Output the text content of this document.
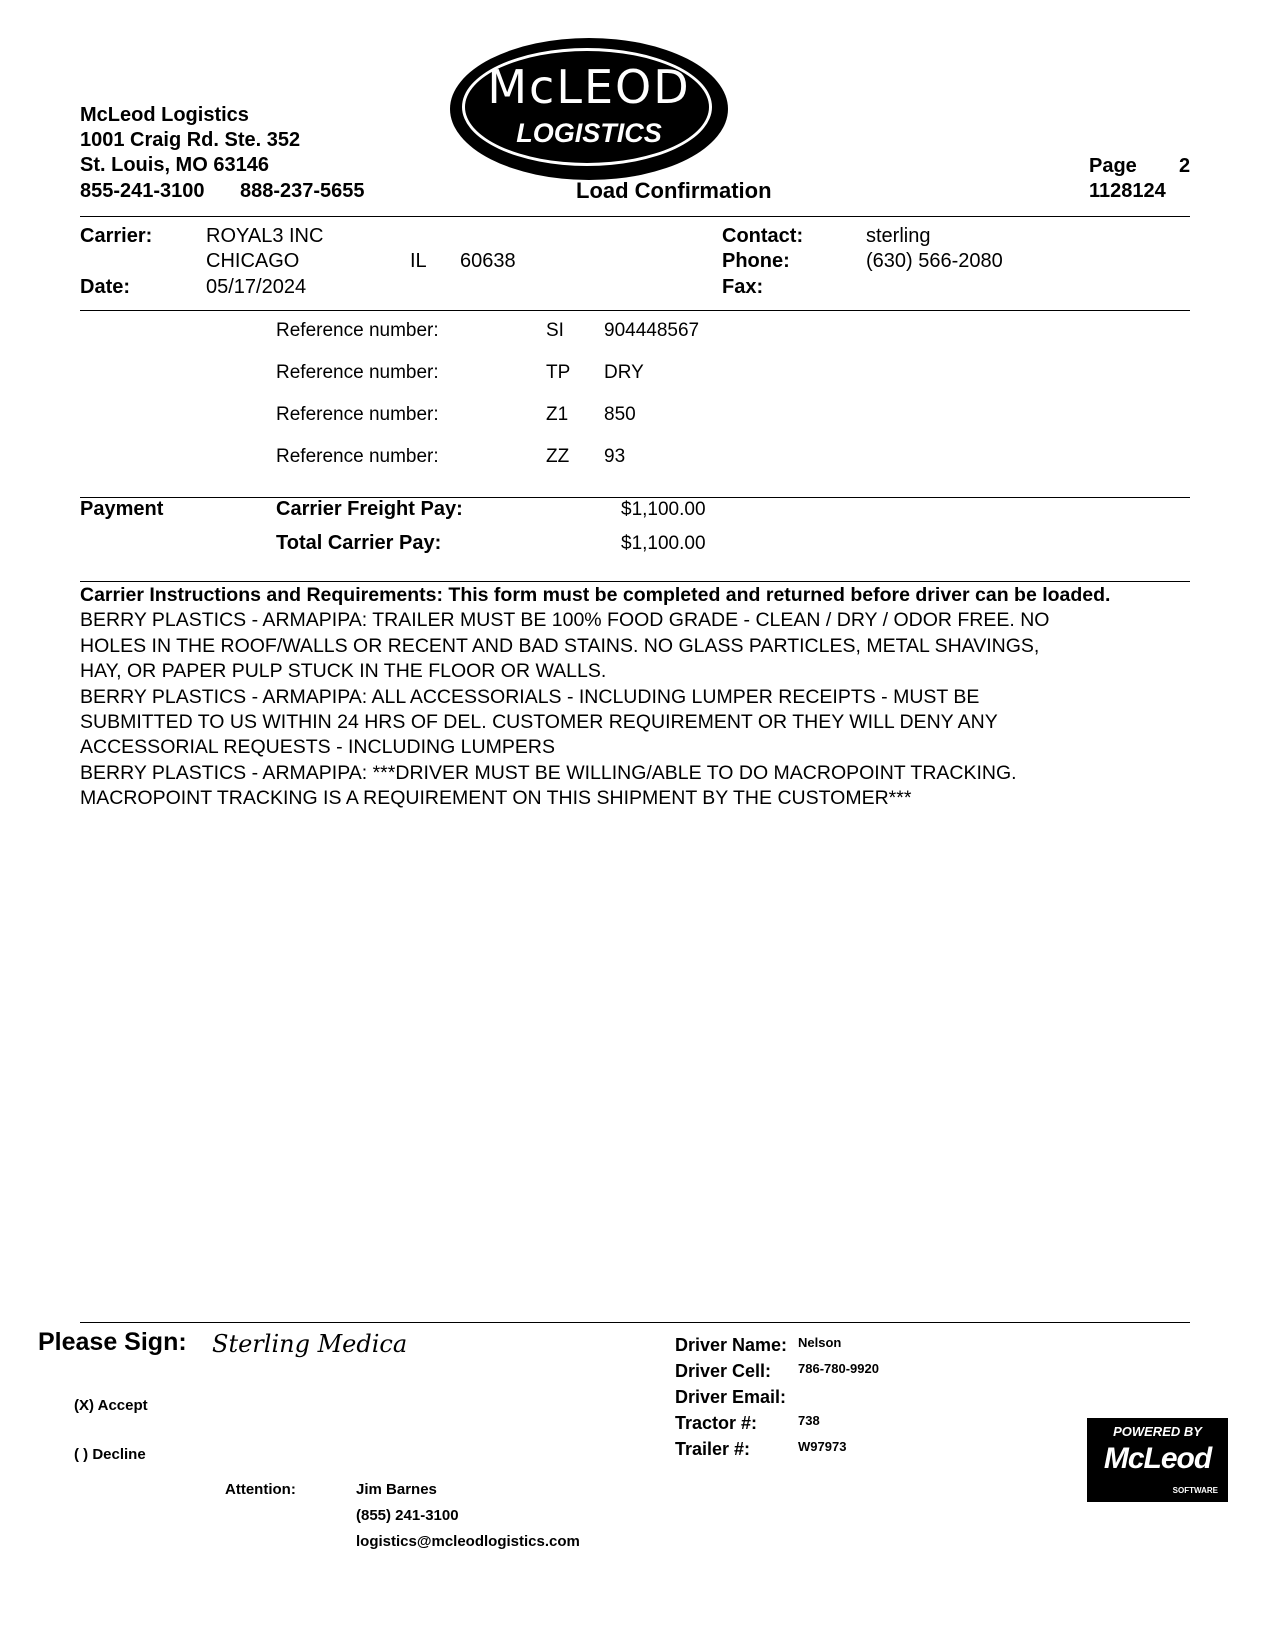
McLeod Logistics
1001 Craig Rd. Ste. 352
St. Louis, MO 63146
855-241-3100 888-237-5655
McLEOD
LOGISTICS
Load Confirmation
Page 2
1128124
Carrier:	ROYAL3 INC
CHICAGO	IL 60638
Date:	05/17/2024
Contact:	sterling
Phone:	(630) 566-2080
Fax:
Reference number:	SI 904448567
Reference number:	TP DRY
Reference number:	Z1 850
Reference number:	ZZ 93
Payment	Carrier Freight Pay:	$1,100.00
Total Carrier Pay:	$1,100.00
Carrier Instructions and Requirements: This form must be completed and returned before driver can be loaded.
BERRY PLASTICS - ARMAPIPA: TRAILER MUST BE 100% FOOD GRADE - CLEAN / DRY / ODOR FREE. NO
HOLES IN THE ROOF/WALLS OR RECENT AND BAD STAINS. NO GLASS PARTICLES, METAL SHAVINGS,
HAY, OR PAPER PULP STUCK IN THE FLOOR OR WALLS.
BERRY PLASTICS - ARMAPIPA: ALL ACCESSORIALS - INCLUDING LUMPER RECEIPTS - MUST BE
SUBMITTED TO US WITHIN 24 HRS OF DEL. CUSTOMER REQUIREMENT OR THEY WILL DENY ANY
ACCESSORIAL REQUESTS - INCLUDING LUMPERS
BERRY PLASTICS - ARMAPIPA: ***DRIVER MUST BE WILLING/ABLE TO DO MACROPOINT TRACKING.
MACROPOINT TRACKING IS A REQUIREMENT ON THIS SHIPMENT BY THE CUSTOMER***
Please Sign: Sterling Medica
(X) Accept
( ) Decline
Attention:	Jim Barnes
(855) 241-3100
logistics@mcleodlogistics.com
Driver Name: Nelson
Driver Cell: 786-780-9920
Driver Email:
Tractor #:	738
Trailer #:	W97973
POWERED BY
McLeod
SOFTWARE
